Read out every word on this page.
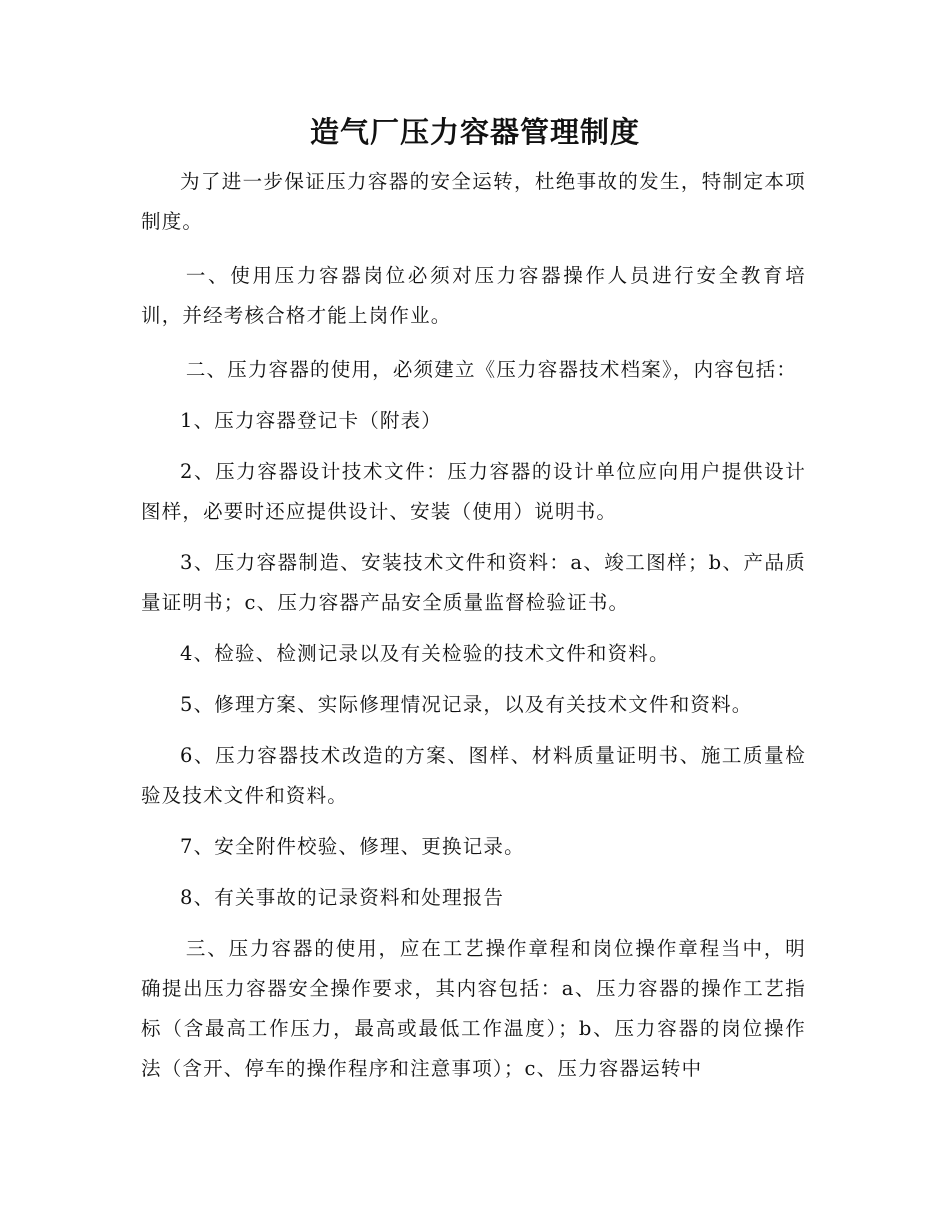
造气厂压力容器管理制度

为了进一步保证压力容器的安全运转，杜绝事故的发生，特制定本项制度。

一、使用压力容器岗位必须对压力容器操作人员进行安全教育培训，并经考核合格才能上岗作业。

二、压力容器的使用，必须建立《压力容器技术档案》，内容包括：

1、压力容器登记卡（附表）

2、压力容器设计技术文件：压力容器的设计单位应向用户提供设计图样，必要时还应提供设计、安装（使用）说明书。

3、压力容器制造、安装技术文件和资料：a、竣工图样；b、产品质量证明书；c、压力容器产品安全质量监督检验证书。

4、检验、检测记录以及有关检验的技术文件和资料。

5、修理方案、实际修理情况记录，以及有关技术文件和资料。

6、压力容器技术改造的方案、图样、材料质量证明书、施工质量检验及技术文件和资料。

7、安全附件校验、修理、更换记录。

8、有关事故的记录资料和处理报告

三、压力容器的使用，应在工艺操作章程和岗位操作章程当中，明确提出压力容器安全操作要求，其内容包括：a、压力容器的操作工艺指标（含最高工作压力，最高或最低工作温度）；b、压力容器的岗位操作法（含开、停车的操作程序和注意事项）；c、压力容器运转中
